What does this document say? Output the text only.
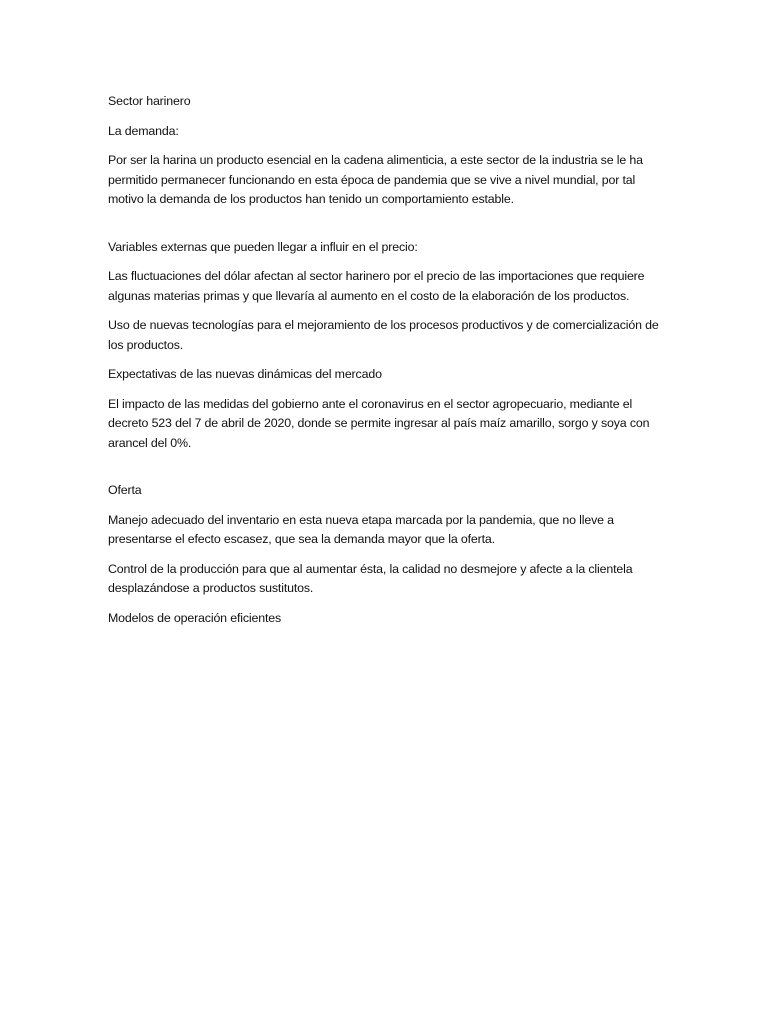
Sector harinero

La demanda:

Por ser la harina un producto esencial en la cadena alimenticia, a este sector de la industria se le ha permitido permanecer funcionando en esta época de pandemia que se vive a nivel mundial, por tal motivo la demanda de los productos han tenido un comportamiento estable.

Variables externas que pueden llegar a influir en el precio:

Las fluctuaciones del dólar afectan al sector harinero por el precio de las importaciones que requiere algunas materias primas y que llevaría al aumento en el costo de la elaboración de los productos.

Uso de nuevas tecnologías para el mejoramiento de los procesos productivos y de comercialización de los productos.

Expectativas de las nuevas dinámicas del mercado

El impacto de las medidas del gobierno ante el coronavirus en el sector agropecuario, mediante el decreto 523 del 7 de abril de 2020, donde se permite ingresar al país maíz amarillo, sorgo y soya con arancel del 0%.

Oferta

Manejo adecuado del inventario en esta nueva etapa marcada por la pandemia, que no lleve a presentarse el efecto escasez, que sea la demanda mayor que la oferta.

Control de la producción para que al aumentar ésta, la calidad no desmejore y afecte a la clientela desplazándose a productos sustitutos.

Modelos de operación eficientes
